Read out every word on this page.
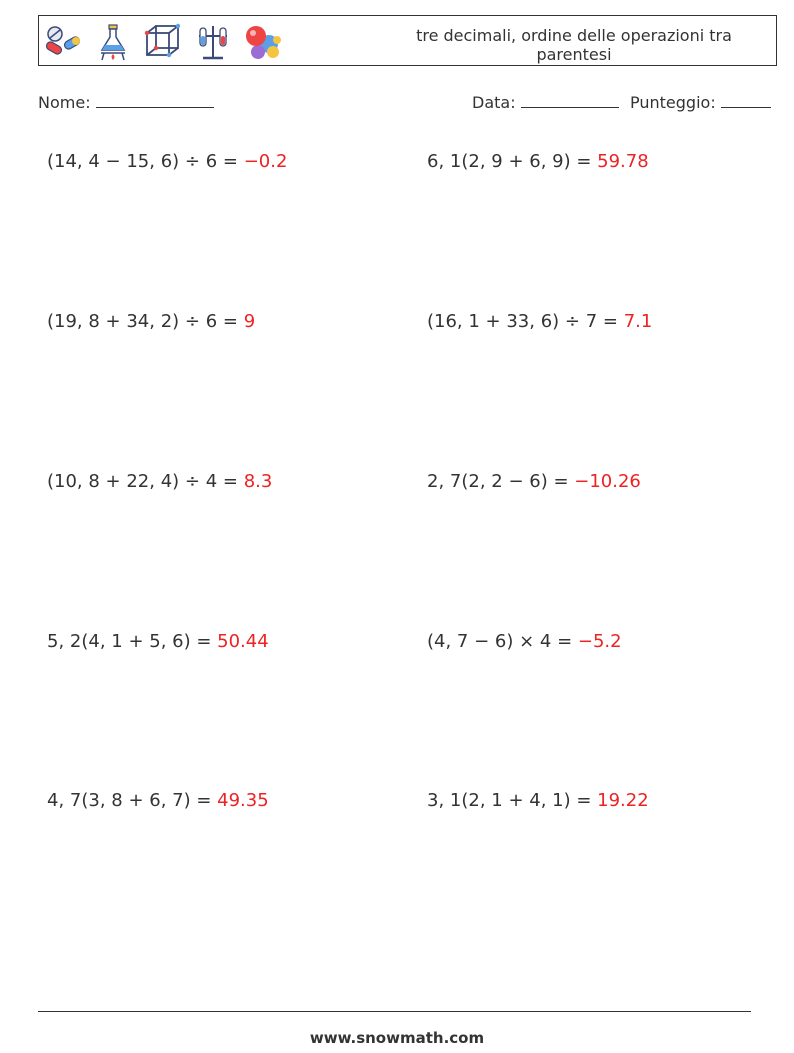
tre decimali, ordine delle operazioni tra parentesi
Nome:	Data:	Punteggio:
(14, 4 − 15, 6) ÷ 6 = −0.2	6, 1(2, 9 + 6, 9) = 59.78
(19, 8 + 34, 2) ÷ 6 = 9	(16, 1 + 33, 6) ÷ 7 = 7.1
(10, 8 + 22, 4) ÷ 4 = 8.3	2, 7(2, 2 − 6) = −10.26
5, 2(4, 1 + 5, 6) = 50.44	(4, 7 − 6) × 4 = −5.2
4, 7(3, 8 + 6, 7) = 49.35	3, 1(2, 1 + 4, 1) = 19.22
www.snowmath.com
